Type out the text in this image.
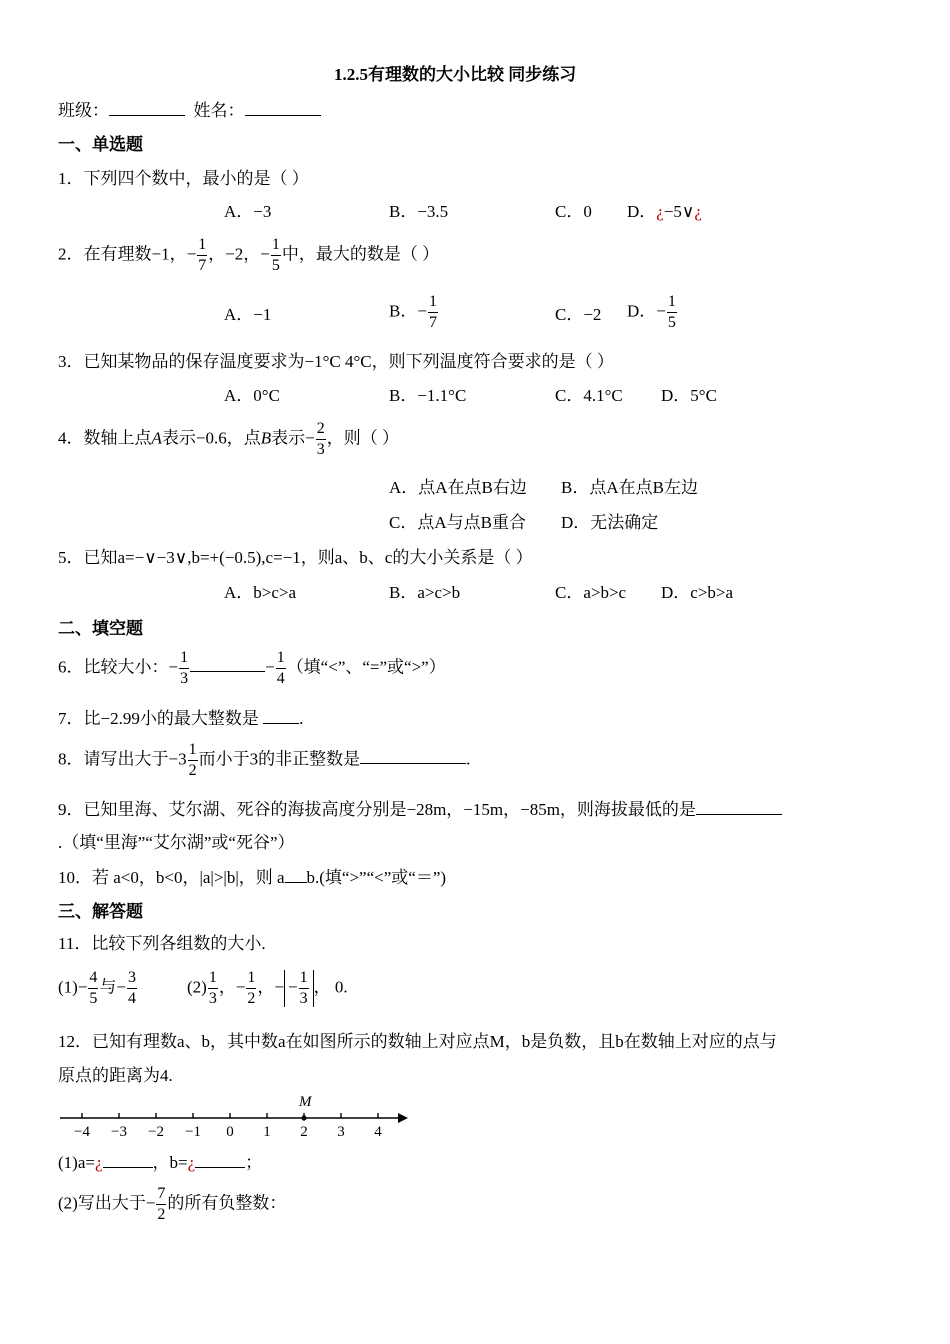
1.2.5有理数的大小比较 同步练习
班级：	姓名：
一、单选题
1．下列四个数中，最小的是（ ）
A．−3	B．−3.5	C．0 D．¿−5∨¿
2．在有理数−1，− $\frac{1}{7}$ ，−2，− $\frac{1}{5}$ 中，最大的数是（ ）
A．−1	B．− $\frac{1}{7}$	C．−2 D．− $\frac{1}{5}$
3．已知某物品的保存温度要求为−1°C 4°C，则下列温度符合要求的是（ ）
A．0°C	B．−1.1°C	C．4.1°C D．5°C
4．数轴上点A表示−0.6，点B表示− $\frac{2}{3}$ ，则（ ）
A．点A在点B右边 B．点A在点B左边
C．点A与点B重合 D．无法确定
5．已知a=−∨−3∨,b=+(−0.5),c=−1，则a、b、c的大小关系是（ ）
A．b>c>a	B．a>c>b	C．a>b>c D．c>b>a
二、填空题
6．比较大小：− $\frac{1}{3}$	− $\frac{1}{4}$ （填“<”、“=”或“>”）
7．比−2.99小的最大整数是 .
8．请写出大于$-3 \frac{1}{2}$ 而小于3的非正整数是	.
9．已知里海、艾尔湖、死谷的海拔高度分别是−28m，−15m，−85m，则海拔最低的是
.（填“里海”“艾尔湖”或“死谷”）
10．若 a<0，b<0，|a|>|b|，则 a b.(填“>”“<”或“＝”)
三、解答题
11．比较下列各组数的大小.
$(1)- \frac{4}{5}$ 与− $\frac{3}{4}$	$(2) \frac{1}{3}$ ，− $\frac{1}{2}$ ，− − $\frac{1}{3}$ ， 0.
12．已知有理数a、b，其中数a在如图所示的数轴上对应点M，b是负数，且b在数轴上对应的点与
原点的距离为4.
−4 −3 −2 −1 0 1 2 3 4
M
(1)a=¿	，b=¿	；
(2)写出大于− $\frac{7}{2}$ 的所有负整数：
